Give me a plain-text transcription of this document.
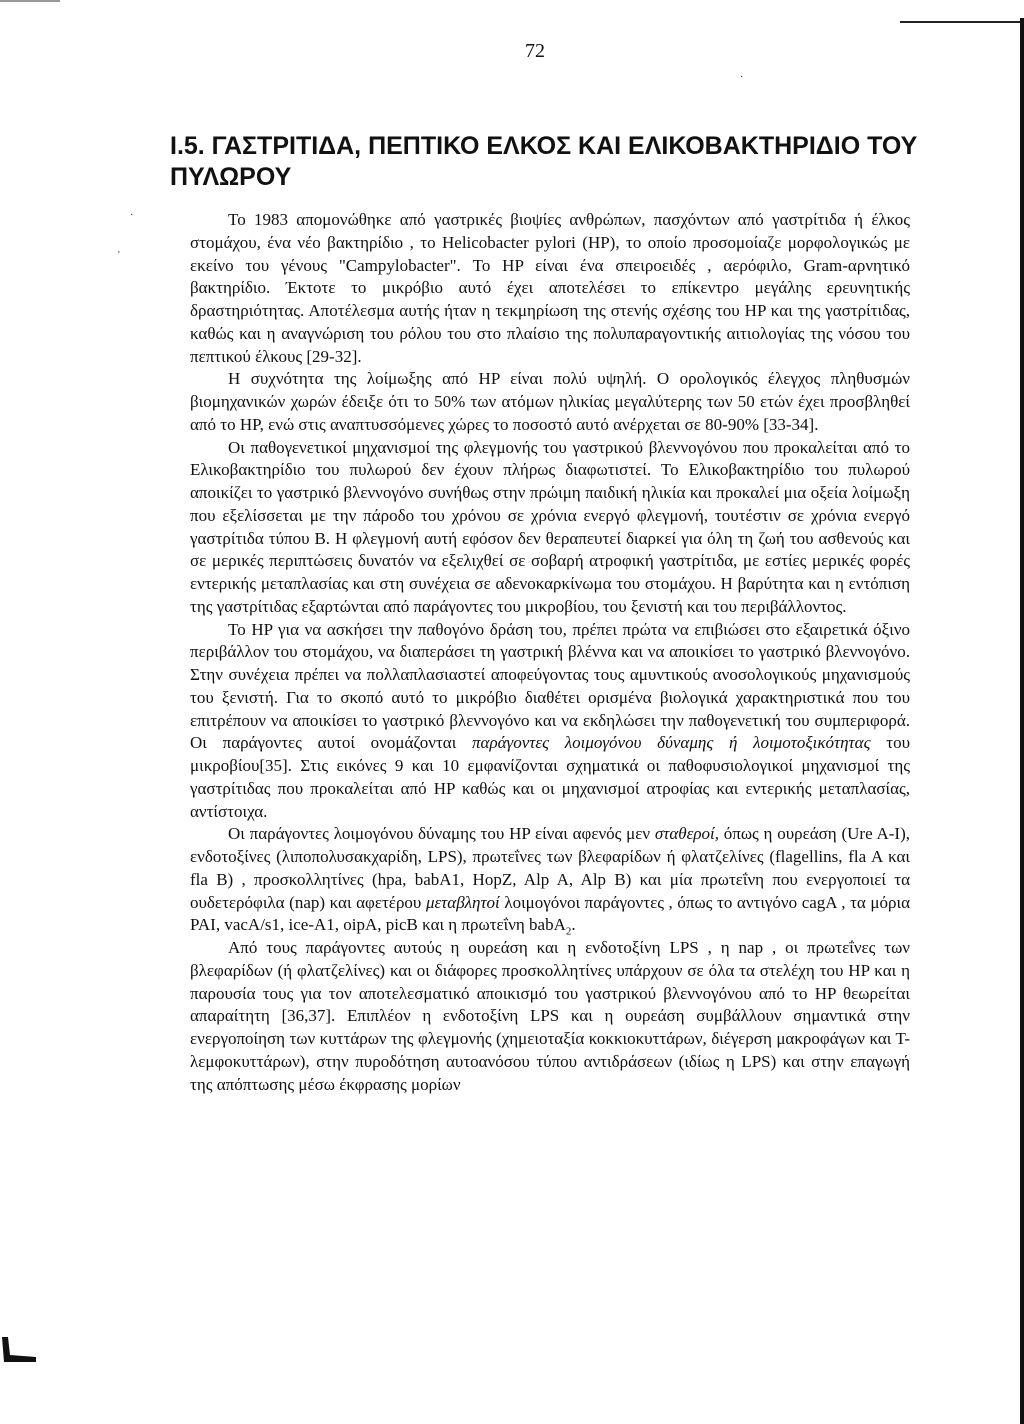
72
Ι.5. ΓΑΣΤΡΙΤΙΔΑ, ΠΕΠΤΙΚΟ ΕΛΚΟΣ ΚΑΙ ΕΛΙΚΟΒΑΚΤΗΡΙΔΙΟ ΤΟΥ ΠΥΛΩΡΟΥ

Το 1983 απομονώθηκε από γαστρικές βιοψίες ανθρώπων, πασχόντων από γαστρίτιδα ή έλκος στομάχου, ένα νέο βακτηρίδιο , το Helicobacter pylori (HP), το οποίο προσομοίαζε μορφολογικώς με εκείνο του γένους "Campylobacter". Το HP είναι ένα σπειροειδές , αερόφιλο, Gram-αρνητικό βακτηρίδιο. Έκτοτε το μικρόβιο αυτό έχει αποτελέσει το επίκεντρο μεγάλης ερευνητικής δραστηριότητας. Αποτέλεσμα αυτής ήταν η τεκμηρίωση της στενής σχέσης του HP και της γαστρίτιδας, καθώς και η αναγνώριση του ρόλου του στο πλαίσιο της πολυπαραγοντικής αιτιολογίας της νόσου του πεπτικού έλκους [29-32].

Η συχνότητα της λοίμωξης από HP είναι πολύ υψηλή. Ο ορολογικός έλεγχος πληθυσμών βιομηχανικών χωρών έδειξε ότι το 50% των ατόμων ηλικίας μεγαλύτερης των 50 ετών έχει προσβληθεί από το HP, ενώ στις αναπτυσσόμενες χώρες το ποσοστό αυτό ανέρχεται σε 80-90% [33-34].

Οι παθογενετικοί μηχανισμοί της φλεγμονής του γαστρικού βλεννογόνου που προκαλείται από το Ελικοβακτηρίδιο του πυλωρού δεν έχουν πλήρως διαφωτιστεί. Το Ελικοβακτηρίδιο του πυλωρού αποικίζει το γαστρικό βλεννογόνο συνήθως στην πρώιμη παιδική ηλικία και προκαλεί μια οξεία λοίμωξη που εξελίσσεται με την πάροδο του χρόνου σε χρόνια ενεργό φλεγμονή, τουτέστιν σε χρόνια ενεργό γαστρίτιδα τύπου Β. Η φλεγμονή αυτή εφόσον δεν θεραπευτεί διαρκεί για όλη τη ζωή του ασθενούς και σε μερικές περιπτώσεις δυνατόν να εξελιχθεί σε σοβαρή ατροφική γαστρίτιδα, με εστίες μερικές φορές εντερικής μεταπλασίας και στη συνέχεια σε αδενοκαρκίνωμα του στομάχου. Η βαρύτητα και η εντόπιση της γαστρίτιδας εξαρτώνται από παράγοντες του μικροβίου, του ξενιστή και του περιβάλλοντος.

Το HP για να ασκήσει την παθογόνο δράση του, πρέπει πρώτα να επιβιώσει στο εξαιρετικά όξινο περιβάλλον του στομάχου, να διαπεράσει τη γαστρική βλέννα και να αποικίσει το γαστρικό βλεννογόνο. Στην συνέχεια πρέπει να πολλαπλασιαστεί αποφεύγοντας τους αμυντικούς ανοσολογικούς μηχανισμούς του ξενιστή. Για το σκοπό αυτό το μικρόβιο διαθέτει ορισμένα βιολογικά χαρακτηριστικά που του επιτρέπουν να αποικίσει το γαστρικό βλεννογόνο και να εκδηλώσει την παθογενετική του συμπεριφορά. Οι παράγοντες αυτοί ονομάζονται παράγοντες λοιμογόνου δύναμης ή λοιμοτοξικότητας του μικροβίου[35]. Στις εικόνες 9 και 10 εμφανίζονται σχηματικά οι παθοφυσιολογικοί μηχανισμοί της γαστρίτιδας που προκαλείται από HP καθώς και οι μηχανισμοί ατροφίας και εντερικής μεταπλασίας, αντίστοιχα.

Οι παράγοντες λοιμογόνου δύναμης του HP είναι αφενός μεν σταθεροί, όπως η ουρεάση (Ure A-I), ενδοτοξίνες (λιποπολυσακχαρίδη, LPS), πρωτεΐνες των βλεφαρίδων ή φλατζελίνες (flagellins, fla A και fla B) , προσκολλητίνες (hpa, babA1, HopZ, Alp A, Alp B) και μία πρωτεΐνη που ενεργοποιεί τα ουδετερόφιλα (nap) και αφετέρου μεταβλητοί λοιμογόνοι παράγοντες , όπως το αντιγόνο cagA , τα μόρια PAI, vacA/s1, ice-A1, oipA, picB και η πρωτεΐνη babA$_2$.

Από τους παράγοντες αυτούς η ουρεάση και η ενδοτοξίνη LPS , η nap , οι πρωτεΐνες των βλεφαρίδων (ή φλατζελίνες) και οι διάφορες προσκολλητίνες υπάρχουν σε όλα τα στελέχη του HP και η παρουσία τους για τον αποτελεσματικό αποικισμό του γαστρικού βλεννογόνου από το HP θεωρείται απαραίτητη [36,37]. Επιπλέον η ενδοτοξίνη LPS και η ουρεάση συμβάλλουν σημαντικά στην ενεργοποίηση των κυττάρων της φλεγμονής (χημειοταξία κοκκιοκυττάρων, διέγερση μακροφάγων και Τ-λεμφοκυττάρων), στην πυροδότηση αυτοανόσου τύπου αντιδράσεων (ιδίως η LPS) και στην επαγωγή της απόπτωσης μέσω έκφρασης μορίων

·
'
·
